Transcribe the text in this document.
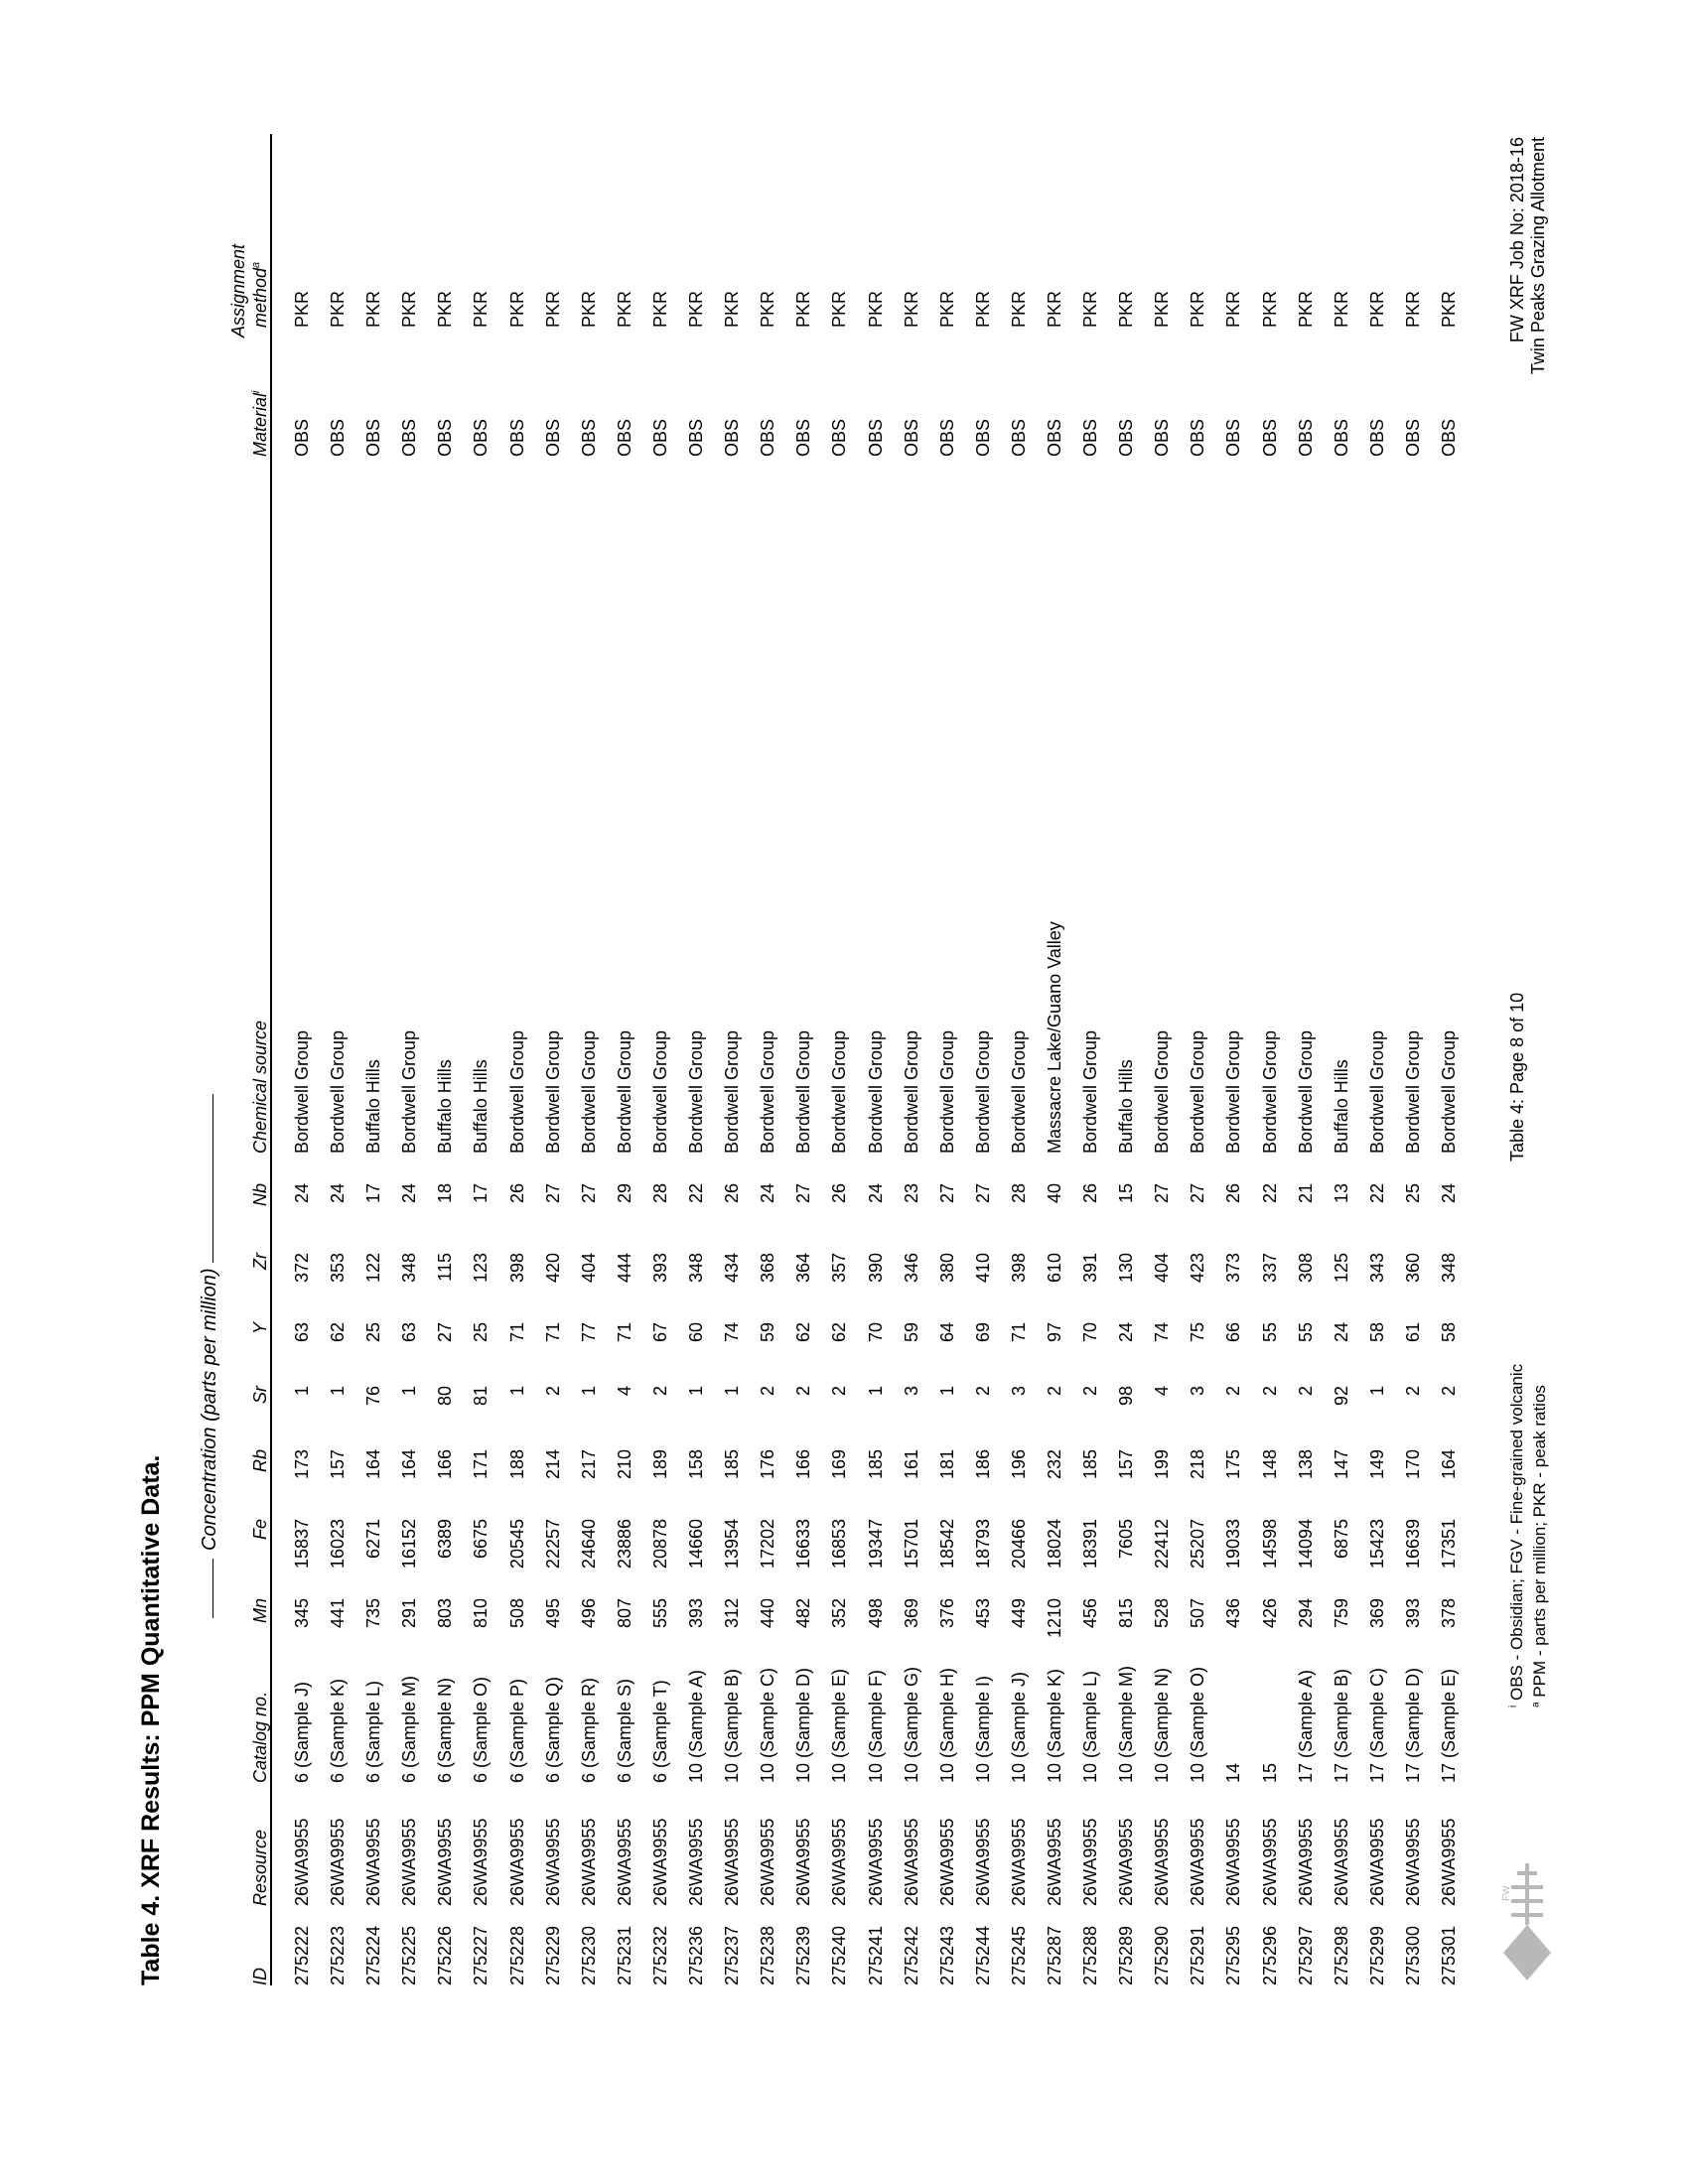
Table 4. XRF Results: PPM Quantitative Data.
Concentration (parts per million)
ID
Resource
Catalog no.
Mn
Fe
Rb
Sr
Y
Zr
Nb
Chemical source
Material$^i$
Assignment method$^a$
275222
26WA9955
6 (Sample J)
345
15837
173
1
63
372
24
Bordwell Group
OBS
PKR
275223
26WA9955
6 (Sample K)
441
16023
157
1
62
353
24
Bordwell Group
OBS
PKR
275224
26WA9955
6 (Sample L)
735
6271
164
76
25
122
17
Buffalo Hills
OBS
PKR
275225
26WA9955
6 (Sample M)
291
16152
164
1
63
348
24
Bordwell Group
OBS
PKR
275226
26WA9955
6 (Sample N)
803
6389
166
80
27
115
18
Buffalo Hills
OBS
PKR
275227
26WA9955
6 (Sample O)
810
6675
171
81
25
123
17
Buffalo Hills
OBS
PKR
275228
26WA9955
6 (Sample P)
508
20545
188
1
71
398
26
Bordwell Group
OBS
PKR
275229
26WA9955
6 (Sample Q)
495
22257
214
2
71
420
27
Bordwell Group
OBS
PKR
275230
26WA9955
6 (Sample R)
496
24640
217
1
77
404
27
Bordwell Group
OBS
PKR
275231
26WA9955
6 (Sample S)
807
23886
210
4
71
444
29
Bordwell Group
OBS
PKR
275232
26WA9955
6 (Sample T)
555
20878
189
2
67
393
28
Bordwell Group
OBS
PKR
275236
26WA9955
10 (Sample A)
393
14660
158
1
60
348
22
Bordwell Group
OBS
PKR
275237
26WA9955
10 (Sample B)
312
13954
185
1
74
434
26
Bordwell Group
OBS
PKR
275238
26WA9955
10 (Sample C)
440
17202
176
2
59
368
24
Bordwell Group
OBS
PKR
275239
26WA9955
10 (Sample D)
482
16633
166
2
62
364
27
Bordwell Group
OBS
PKR
275240
26WA9955
10 (Sample E)
352
16853
169
2
62
357
26
Bordwell Group
OBS
PKR
275241
26WA9955
10 (Sample F)
498
19347
185
1
70
390
24
Bordwell Group
OBS
PKR
275242
26WA9955
10 (Sample G)
369
15701
161
3
59
346
23
Bordwell Group
OBS
PKR
275243
26WA9955
10 (Sample H)
376
18542
181
1
64
380
27
Bordwell Group
OBS
PKR
275244
26WA9955
10 (Sample I)
453
18793
186
2
69
410
27
Bordwell Group
OBS
PKR
275245
26WA9955
10 (Sample J)
449
20466
196
3
71
398
28
Bordwell Group
OBS
PKR
275287
26WA9955
10 (Sample K)
1210
18024
232
2
97
610
40
Massacre Lake/Guano Valley
OBS
PKR
275288
26WA9955
10 (Sample L)
456
18391
185
2
70
391
26
Bordwell Group
OBS
PKR
275289
26WA9955
10 (Sample M)
815
7605
157
98
24
130
15
Buffalo Hills
OBS
PKR
275290
26WA9955
10 (Sample N)
528
22412
199
4
74
404
27
Bordwell Group
OBS
PKR
275291
26WA9955
10 (Sample O)
507
25207
218
3
75
423
27
Bordwell Group
OBS
PKR
275295
26WA9955
14
436
19033
175
2
66
373
26
Bordwell Group
OBS
PKR
275296
26WA9955
15
426
14598
148
2
55
337
22
Bordwell Group
OBS
PKR
275297
26WA9955
17 (Sample A)
294
14094
138
2
55
308
21
Bordwell Group
OBS
PKR
275298
26WA9955
17 (Sample B)
759
6875
147
92
24
125
13
Buffalo Hills
OBS
PKR
275299
26WA9955
17 (Sample C)
369
15423
149
1
58
343
22
Bordwell Group
OBS
PKR
275300
26WA9955
17 (Sample D)
393
16639
170
2
61
360
25
Bordwell Group
OBS
PKR
275301
26WA9955
17 (Sample E)
378
17351
164
2
58
348
24
Bordwell Group
OBS
PKR
$^i$ OBS - Obsidian; FGV - Fine-grained volcanic
$^a$ PPM - parts per million; PKR - peak ratios
Table 4: Page 8 of 10
FW XRF Job No: 2018-16 Twin Peaks Grazing Allotment
FW
